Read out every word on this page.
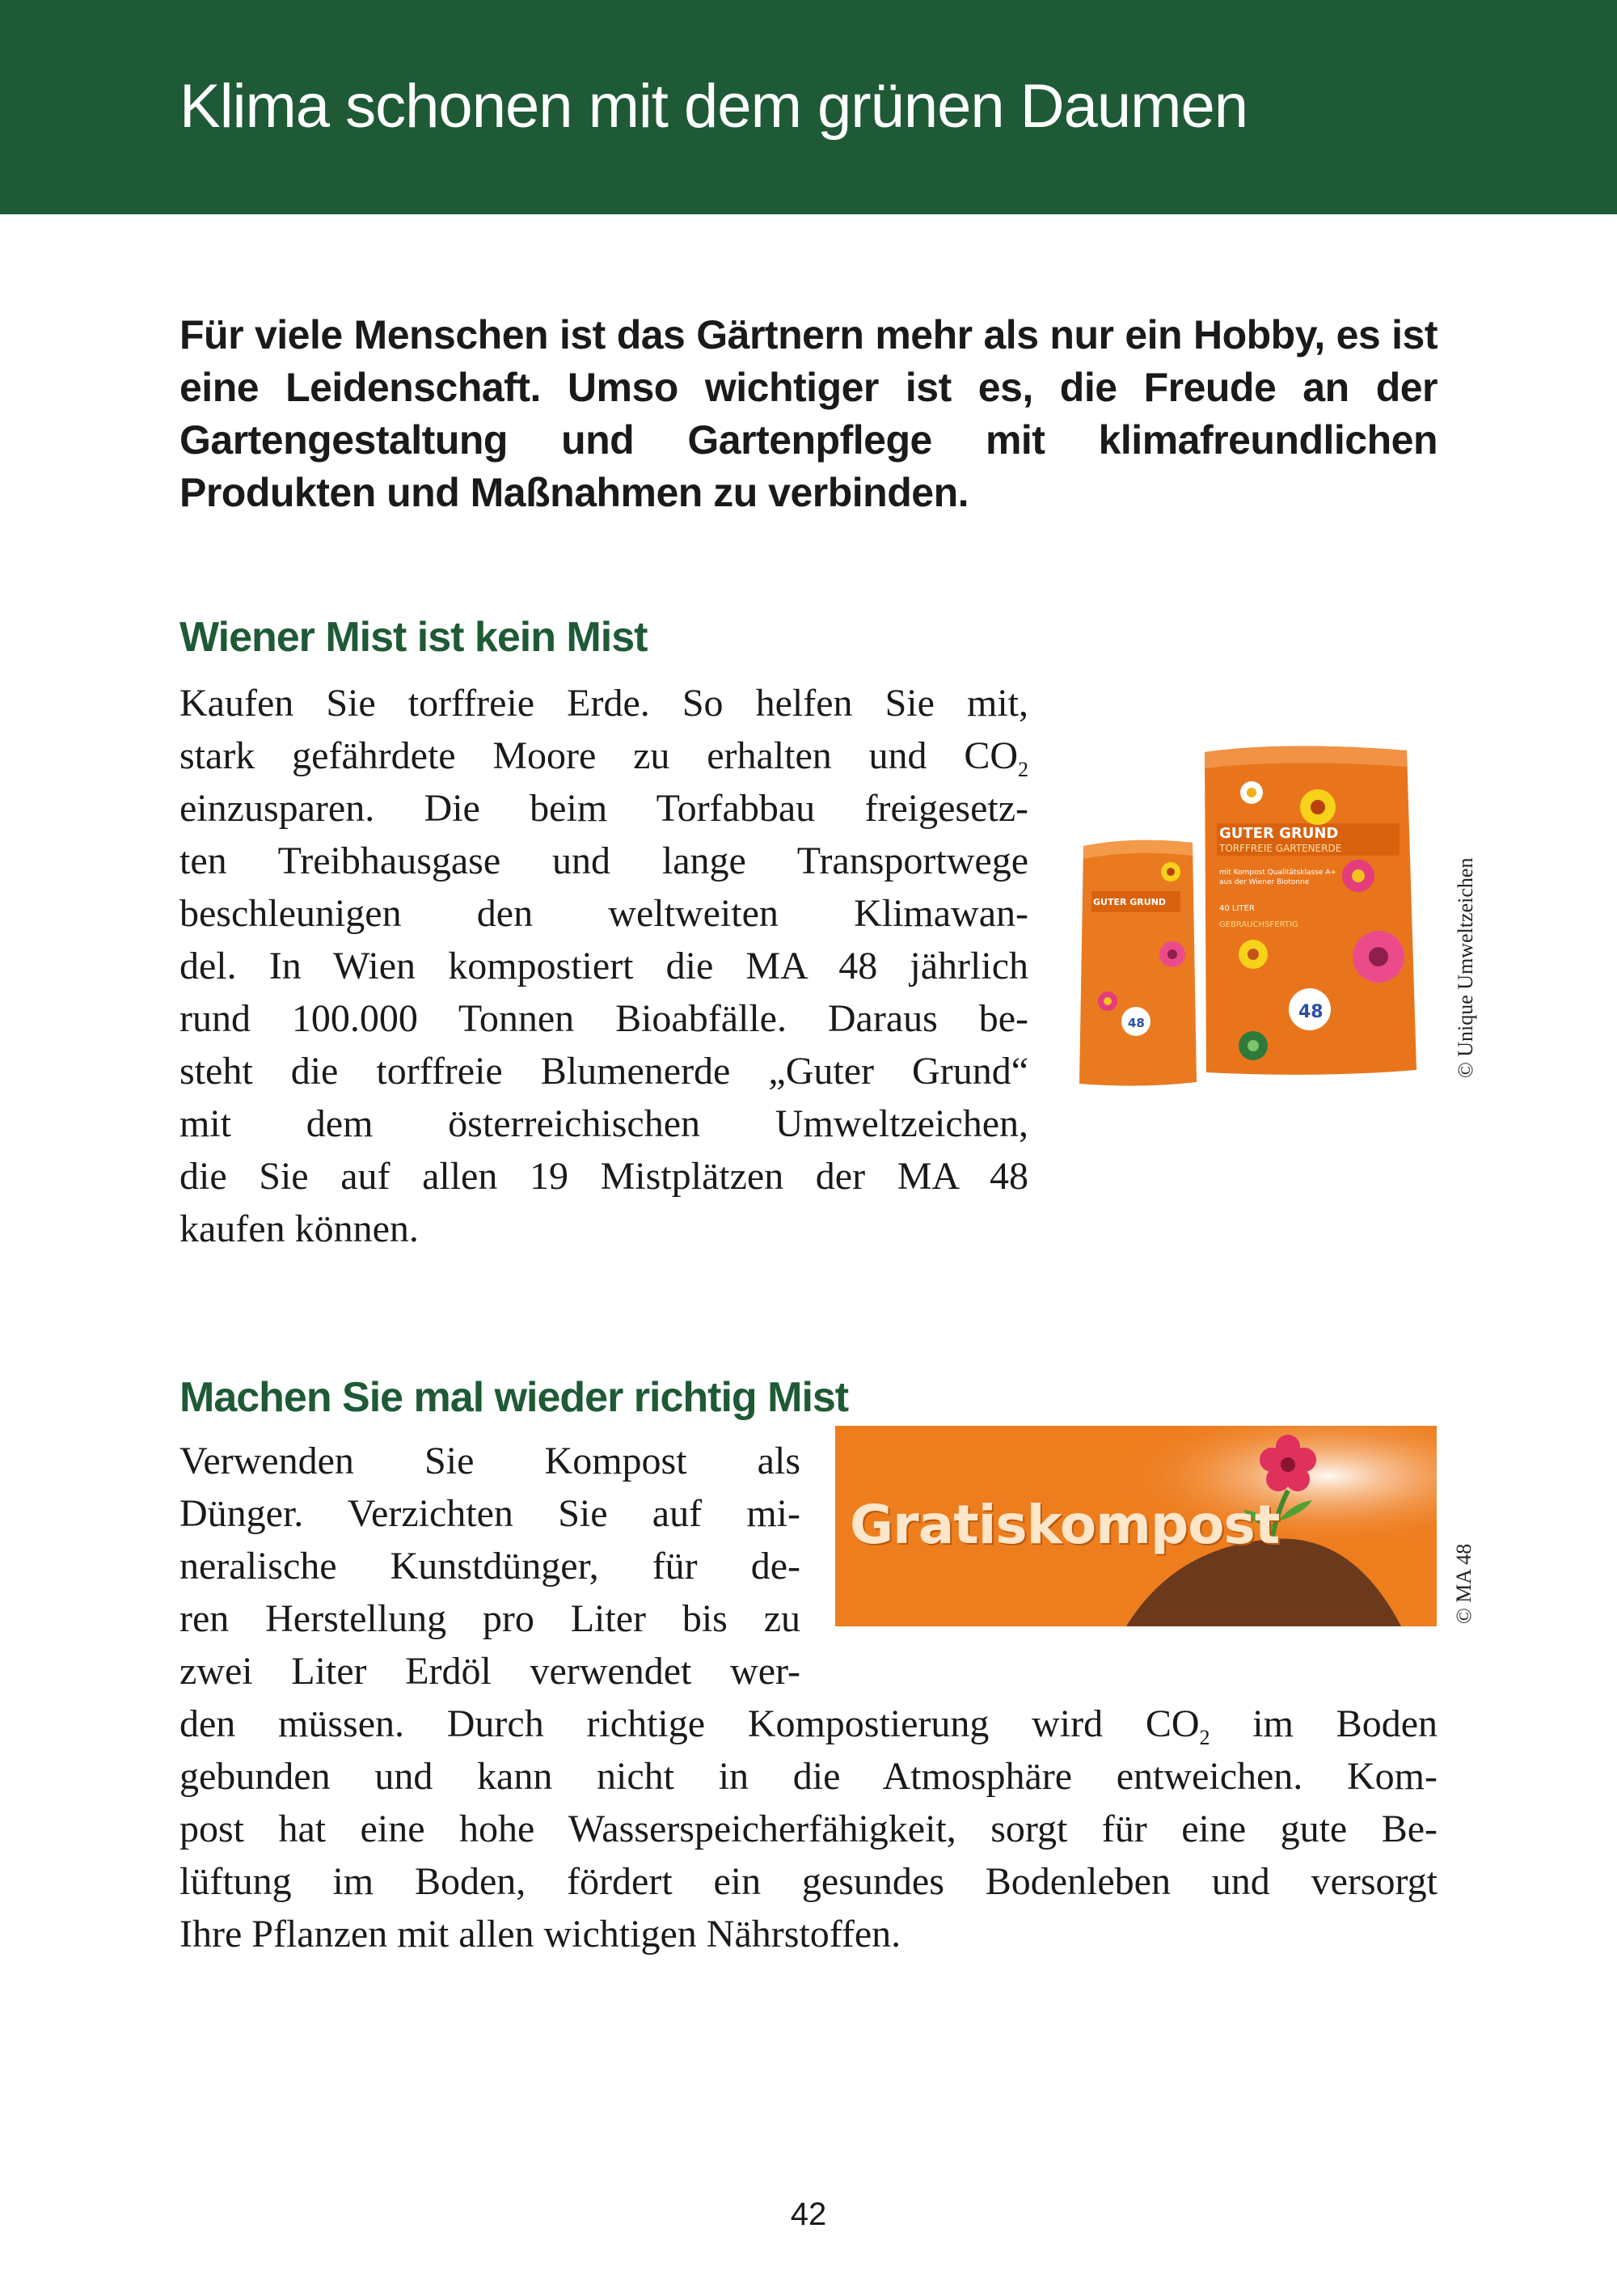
Klima schonen mit dem grünen Daumen
Für viele Menschen ist das Gärtnern mehr als nur ein Hobby, es ist eine Leidenschaft. Umso wichtiger ist es, die Freude an der Gartengestaltung und Gartenpflege mit klimafreundlichen Produkten und Maßnahmen zu verbinden.
Wiener Mist ist kein Mist
Kaufen Sie torffreie Erde. So helfen Sie mit,
stark gefährdete Moore zu erhalten und $CO_2$
einzusparen. Die beim Torfabbau freigesetz-
ten Treibhausgase und lange Transportwege
beschleunigen den weltweiten Klimawan-
del. In Wien kompostiert die MA 48 jährlich
rund 100.000 Tonnen Bioabfälle. Daraus be-
steht die torffreie Blumenerde „Guter Grund“
mit dem österreichischen Umweltzeichen,
die Sie auf allen 19 Mistplätzen der MA 48
kaufen können.
GUTER GRUND
TORFFREIE GARTENERDE
mit Kompost Qualitätsklasse A+
aus der Wiener Biotonne
40 LITER
GEBRAUCHSFERTIG
48
GUTER GRUND
48	© Unique Umweltzeichen
Machen Sie mal wieder richtig Mist
Verwenden Sie Kompost als
Dünger. Verzichten Sie auf mi-
neralische Kunstdünger, für de-
ren Herstellung pro Liter bis zu
zwei Liter Erdöl verwendet wer-
den müssen. Durch richtige Kompostierung wird $CO_2$ im Boden
gebunden und kann nicht in die Atmosphäre entweichen. Kom-
post hat eine hohe Wasserspeicherfähigkeit, sorgt für eine gute Be-
lüftung im Boden, fördert ein gesundes Bodenleben und versorgt
Ihre Pflanzen mit allen wichtigen Nährstoffen.
Gratiskompost
© MA 48
42
